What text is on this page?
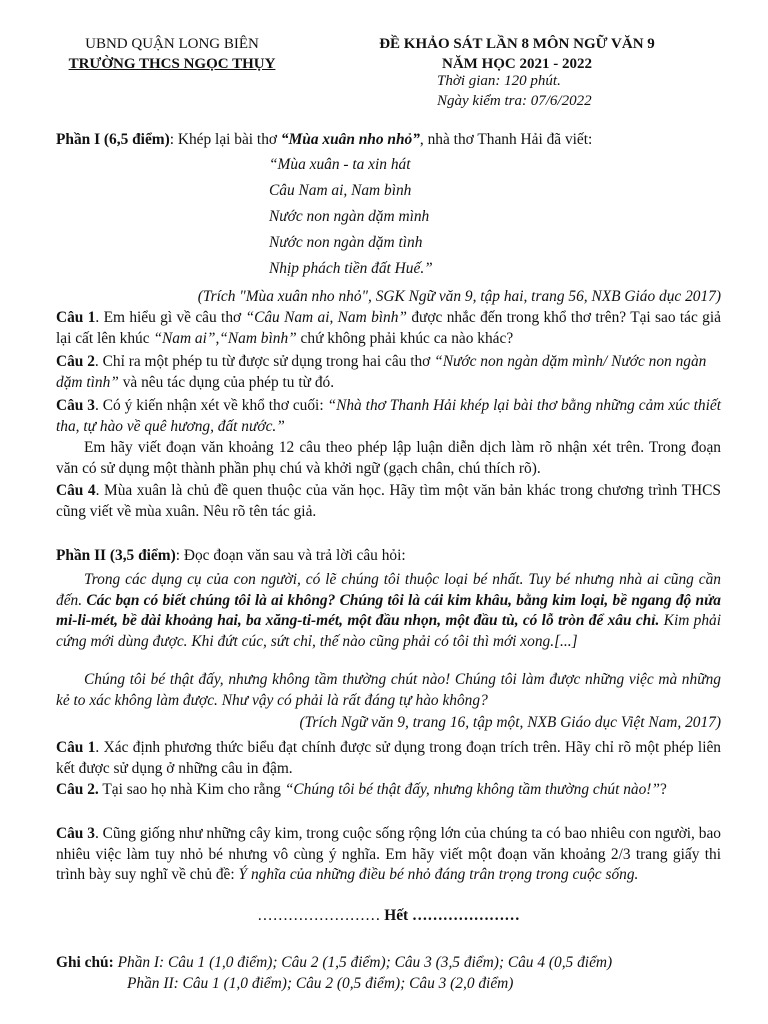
UBND QUẬN LONG BIÊN
TRƯỜNG THCS NGỌC THỤY
ĐỀ KHẢO SÁT LẦN 8 MÔN NGỮ VĂN 9
NĂM HỌC 2021 - 2022
Thời gian: 120 phút.
Ngày kiểm tra: 07/6/2022

Phần I (6,5 điểm): Khép lại bài thơ “Mùa xuân nho nhỏ”, nhà thơ Thanh Hải đã viết:

“Mùa xuân - ta xin hát
Câu Nam ai, Nam bình
Nước non ngàn dặm mình
Nước non ngàn dặm tình
Nhịp phách tiền đất Huế.”

(Trích "Mùa xuân nho nhỏ", SGK Ngữ văn 9, tập hai, trang 56, NXB Giáo dục 2017)

Câu 1. Em hiểu gì về câu thơ “Câu Nam ai, Nam bình” được nhắc đến trong khổ thơ trên? Tại sao tác giả lại cất lên khúc “Nam ai”,“Nam bình” chứ không phải khúc ca nào khác?

Câu 2. Chỉ ra một phép tu từ được sử dụng trong hai câu thơ “Nước non ngàn dặm mình/ Nước non ngàn dặm tình” và nêu tác dụng của phép tu từ đó.

Câu 3. Có ý kiến nhận xét về khổ thơ cuối: “Nhà thơ Thanh Hải khép lại bài thơ bằng những cảm xúc thiết tha, tự hào về quê hương, đất nước.”

Em hãy viết đoạn văn khoảng 12 câu theo phép lập luận diễn dịch làm rõ nhận xét trên. Trong đoạn văn có sử dụng một thành phần phụ chú và khởi ngữ (gạch chân, chú thích rõ).

Câu 4. Mùa xuân là chủ đề quen thuộc của văn học. Hãy tìm một văn bản khác trong chương trình THCS cũng viết về mùa xuân. Nêu rõ tên tác giả.

Phần II (3,5 điểm): Đọc đoạn văn sau và trả lời câu hỏi:

Trong các dụng cụ của con người, có lẽ chúng tôi thuộc loại bé nhất. Tuy bé nhưng nhà ai cũng cần đến. Các bạn có biết chúng tôi là ai không? Chúng tôi là cái kim khâu, bằng kim loại, bề ngang độ nửa mi-li-mét, bề dài khoảng hai, ba xăng-ti-mét, một đầu nhọn, một đầu tù, có lỗ tròn để xâu chỉ. Kim phải cứng mới dùng được. Khi đứt cúc, sứt chỉ, thế nào cũng phải có tôi thì mới xong.[...]

Chúng tôi bé thật đấy, nhưng không tầm thường chút nào! Chúng tôi làm được những việc mà những kẻ to xác không làm được. Như vậy có phải là rất đáng tự hào không?

(Trích Ngữ văn 9, trang 16, tập một, NXB Giáo dục Việt Nam, 2017)

Câu 1. Xác định phương thức biểu đạt chính được sử dụng trong đoạn trích trên. Hãy chỉ rõ một phép liên kết được sử dụng ở những câu in đậm.

Câu 2. Tại sao họ nhà Kim cho rằng “Chúng tôi bé thật đấy, nhưng không tầm thường chút nào!”?

Câu 3. Cũng giống như những cây kim, trong cuộc sống rộng lớn của chúng ta có bao nhiêu con người, bao nhiêu việc làm tuy nhỏ bé nhưng vô cùng ý nghĩa. Em hãy viết một đoạn văn khoảng 2/3 trang giấy thi trình bày suy nghĩ về chủ đề: Ý nghĩa của những điều bé nhỏ đáng trân trọng trong cuộc sống.

…………………… Hết …………………

Ghi chú: Phần I: Câu 1 (1,0 điểm); Câu 2 (1,5 điểm); Câu 3 (3,5 điểm); Câu 4 (0,5 điểm)

Phần II: Câu 1 (1,0 điểm); Câu 2 (0,5 điểm); Câu 3 (2,0 điểm)
